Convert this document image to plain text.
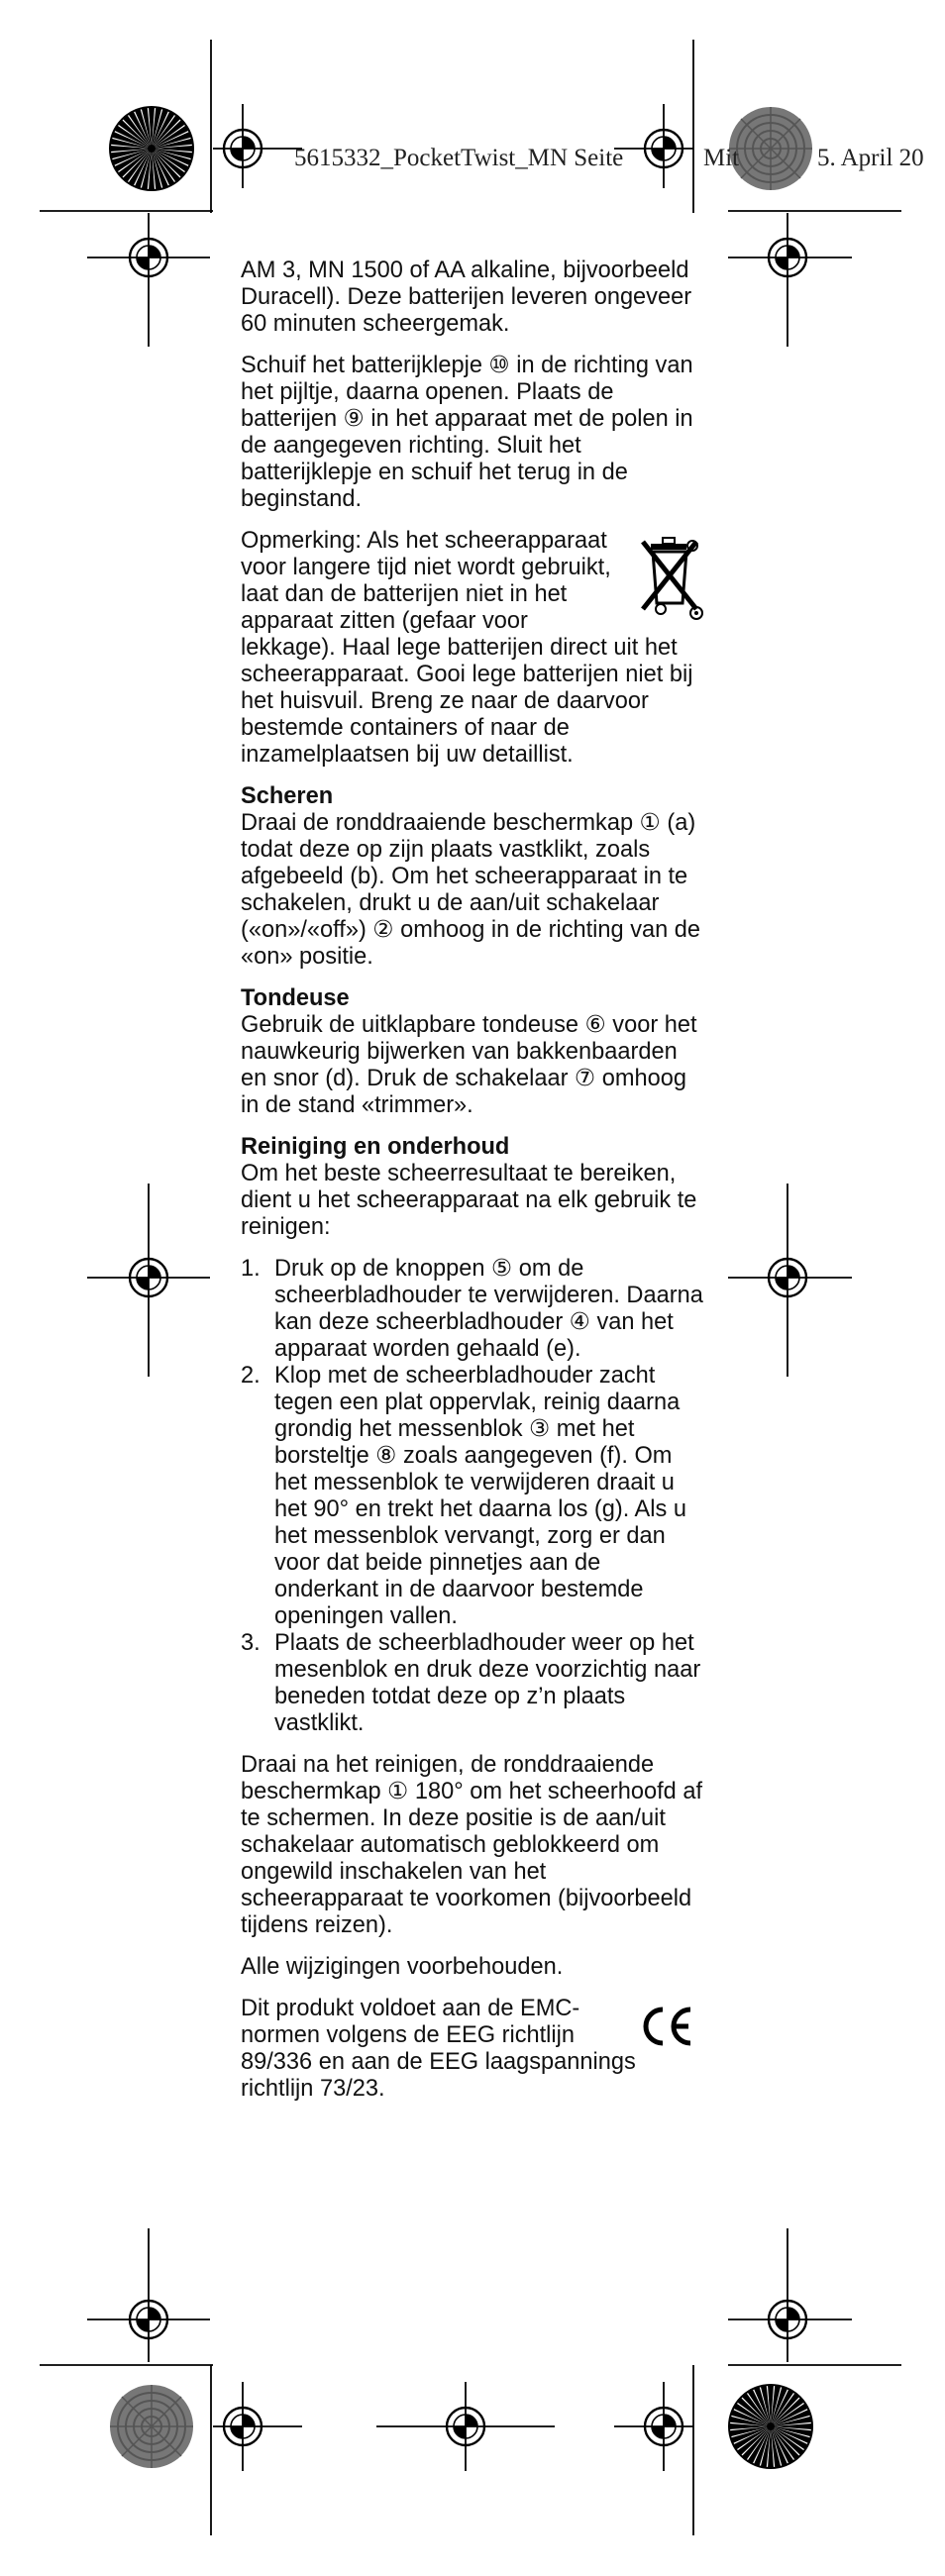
5615332_PocketTwist_MN Seite	Mit	5. April 20

AM 3, MN 1500 of AA alkaline, bijvoorbeeld Duracell). Deze batterijen leveren ongeveer 60 minuten scheergemak.

Schuif het batterijklepje ⑩ in de richting van het pijltje, daarna openen. Plaats de batterijen ⑨ in het apparaat met de polen in de aangegeven richting. Sluit het batterijklepje en schuif het terug in de beginstand.

Opmerking: Als het scheerapparaat voor langere tijd niet wordt gebruikt, laat dan de batterijen niet in het apparaat zitten (gefaar voor lekkage). Haal lege batterijen direct uit het scheerapparaat. Gooi lege batterijen niet bij het huisvuil. Breng ze naar de daarvoor bestemde containers of naar de inzamelplaatsen bij uw detaillist.

Scheren

Draai de ronddraaiende beschermkap ① (a) todat deze op zijn plaats vastklikt, zoals afgebeeld (b). Om het scheerapparaat in te schakelen, drukt u de aan/uit schakelaar («on»/«off») ② omhoog in de richting van de «on» positie.

Tondeuse

Gebruik de uitklapbare tondeuse ⑥ voor het nauwkeurig bijwerken van bakkenbaarden en snor (d). Druk de schakelaar ⑦ omhoog in de stand «trimmer».

Reiniging en onderhoud

Om het beste scheerresultaat te bereiken, dient u het scheerapparaat na elk gebruik te reinigen:

1. Druk op de knoppen ⑤ om de scheerbladhouder te verwijderen. Daarna kan deze scheerbladhouder ④ van het apparaat worden gehaald (e).
2. Klop met de scheerbladhouder zacht tegen een plat oppervlak, reinig daarna grondig het messenblok ③ met het borsteltje ⑧ zoals aangegeven (f). Om het messenblok te verwijderen draait u het 90° en trekt het daarna los (g). Als u het messenblok vervangt, zorg er dan voor dat beide pinnetjes aan de onderkant in de daarvoor bestemde openingen vallen.
3. Plaats de scheerbladhouder weer op het mesenblok en druk deze voorzichtig naar beneden totdat deze op z’n plaats vastklikt.

Draai na het reinigen, de ronddraaiende beschermkap ① 180° om het scheerhoofd af te schermen. In deze positie is de aan/uit schakelaar automatisch geblokkeerd om ongewild inschakelen van het scheerapparaat te voorkomen (bijvoorbeeld tijdens reizen).

Alle wijzigingen voorbehouden.

Dit produkt voldoet aan de EMC-normen volgens de EEG richtlijn 89/336 en aan de EEG laagspannings richtlijn 73/23.
